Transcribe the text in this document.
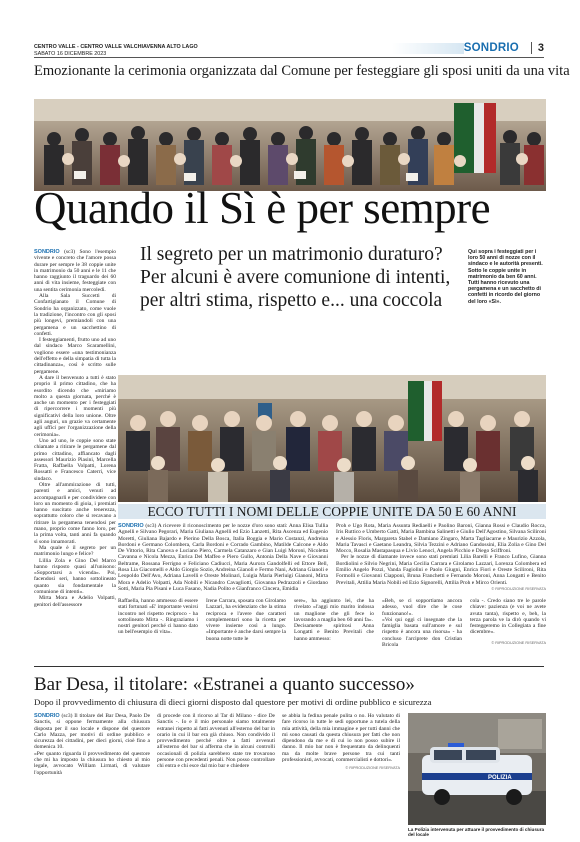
CENTRO VALLE - CENTRO VALLE VALCHIAVENNA ALTO LAGO
SABATO 16 DICEMBRE 2023	SONDRIO	3
Emozionante la cerimonia organizzata dal Comune per festeggiare gli sposi uniti da una vita
Quando il Sì è per sempre

SONDRIO (sc3) Sono l'esempio vivente e concreto che l'amore possa durare per sempre le 38 coppie unite in matrimonio da 50 anni e le 11 che hanno raggiunto il traguardo dei 60 anni di vita insieme, festeggiate con una sentita cerimonia mercoledì.

Alla Sala Succetti di Confartigianato il Comune di Sondrio ha organizzato, come vuole la tradizione, l'incontro con gli sposi più longevi, premiandoli con una pergamena e un sacchettino di confetti.

I festeggiamenti, frutto uno ad uno dal sindaco Marco Scaramellini, vogliono essere «una testimonianza dell'effetto e della simpatia di tutta la cittadinanza», così è scritto sulle pergamene.

A dare il benvenuto a tutti è stato proprio il primo cittadino, che ha esordito dicendo che «miriamo molto a questa giornata, perché è anche un momento per i festeggiati di ripercorrere i momenti più significativi della loro unione. Oltre agli auguri, un grazie va certamente agli uffici per l'organizzazione della cerimonia».

Uno ad uno, le coppie sono state chiamate a ritirare le pergamene dal primo cittadino, affiancato dagli assessori Maurizio Piasini, Marcella Fratta, Raffaella Volpatti, Lorena Rossatti e Francesco Caterri, vice sindaco.

Oltre all'ammirazione di tutti, parenti e amici, venuti ad accompagnarli e per condividere con loro un momento di gioia, i premiati hanno suscitato anche tenerezza, soprattutto coloro che si recavano a ritirare la pergamena tenendosi per mano, proprio come fanno loro, per la prima volta, tanti anni fa quando si sono innamorati.

Ma quale è il segreto per un matrimonio lungo e felice?

Lillia Zola e Gino Del Marco hanno risposto quasi all'unisono: «Sopportarsi a vicenda». Poi, facendosi seri, hanno sottolineato quanto sia fondamentale la comunione di intenti».

Mirta Mora e Adelio Volpatti, genitori dell'assessore

Il segreto per un matrimonio duraturo? Per alcuni è avere comunione di intenti, per altri stima, rispetto e... una coccola
Qui sopra i festeggiati per i loro 50 anni di nozze con il sindaco e le autorità presenti. Sotto le coppie unite in matrimonio da ben 60 anni. Tutti hanno ricevuto una pergamena e un sacchetto di confetti in ricordo del giorno del loro «Sì».
ECCO TUTTI I NOMI DELLE COPPIE UNITE DA 50 E 60 ANNI
SONDRIO (sc3) A ricevere il riconoscimento per le nozze d'oro sono stati: Anna Elisa Tullia Agnelli e Silvano Pegorari, Maria Giuliana Agnelli ed Ezio Lanzetti, Rita Ascenza ed Eugenio Moretti, Giuliana Bajardo e Pierino Della Bosca, Italia Boggia e Mario Costanzi, Andreina Bordoni e Germano Colombera, Carla Bordoni e Corrado Gambino, Matilde Calcone e Aldo De Vittorio, Rita Canova e Luciano Piero, Carmela Catanzaro e Gian Luigi Moroni, Nicoletta Cavanna e Nicola Mezza, Enrica Del Maffeo e Piero Gullo, Antonia Della Nave e Giovanni Beltrame, Rossana Ferrigno e Feliciano Cadiucci, Maria Aurora Gandolfelli ed Ettore Bell, Rosa Lia Giacomelli e Aldo Giorgio Sozio, Andreina Gianoli e Fermo Nani, Adriana Gianoli e Leopoldo Dell'Avo, Adriana Lavelli e Oreste Molinari, Luigia Maria Pierluigi Gianoni, Mirta Mora e Adelio Volpatti, Ada Nobili e Nicandro Cavagliotti, Giovanna Pedrazzoli e Giordano Sotti, Maria Pia Pisani e Luca Fasano, Nadia Polito e Gianfranco Cincera, Emidia
Proh e Ugo Rota, Maria Assunta Rediaelli e Paolino Baroni, Gianna Rossi e Claudio Rocca, Iris Ruttico e Umberto Gatti, Maria Bambina Salinetti e Giulio Dell'Agostino, Silvana Scilironi e Alessio Floris, Margareta Stabel e Damiano Zingaro, Marta Tagliacarne e Maurizio Azzola, Maria Tavasci e Gaetano Leandra, Silvia Tezzini e Adriano Gandossini, Elia Zolia e Gino Del Mocco, Rosalia Mastapasqua e Livio Lenoci, Angela Picchio e Diego Sciffroni.
Per le nozze di diamante invece sono stati premiati Lilia Barelli e Franco Lufino, Gianna Bordiolini e Silvio Negrini, Maria Cecilia Carrara e Girolamo Lazzari, Lorenza Colombera ed Emilio Angelo Pozzi, Vanda Fagiolini e Paolo Giugni, Enrica Fiori e Oreste Scilironi, Rita Formolli e Giovanni Ciapponi, Bruna Franchetti e Fernando Moroni, Anna Longatti e Benito Previtali, Attilia Maria Nobili ed Ezio Signorelli, Attilia Proh e Mirco Orienti.
© RIPRODUZIONE RISERVATA
Raffaella, hanno ammesso di essere stati fortunati «E' importante venirsi incontro nel rispetto reciproco - ha sottolineato Mirta -. Ringraziamo i nostri genitori perché ci hanno dato un bell'esempio di vita».
Irene Carrara, sposata con Girolamo Lazzari, ha evidenziato che la stima reciproca e l'avere due caratteri complementari sono la ricetta per vivere insieme così a lungo. «Importante è anche darsi sempre la buona notte tutte le
sere», ha aggiunto lei, che ha rivelato «l'aggi mio marito indossa un maglione che gli fece io lavorando a maglia ben 60 anni fa».
Decisamente spiritosi Anna Longatti e Benito Previtali che hanno ammesso:
«Beh, se ci sopportiamo ancora adesso, vuol dire che le cose funzionano!».
«Voi qui oggi ci insegnate che la famiglia basata sull'amore e sul rispetto è ancora una risorsa» - ha concluso l'arciprete don Cristian Bricola
cola -. Credo siano tre le parole chiave: pazienza (e voi ne avete avuta tanta), rispetto e, beh, la terza parola ve la dirò quando vi festeggeremo in Collegiata a fine dicembre».
© RIPRODUZIONE RISERVATA
Bar Desa, il titolare: «Estranei a quanto successo»
Dopo il provvedimento di chiusura di dieci giorni disposto dal questore per motivi di ordine pubblico e sicurezza
SONDRIO (sc3) Il titolare del Bar Desa, Paolo De Sanctis, si oppone fermamente alla chiusura disposta per il suo locale e dispone del questore Carlo Mazza, per motivi di ordine pubblico e sicurezza dei cittadini, per dieci giorni, cioè fino a domenica 10.
«Per quanto riguarda il provvedimento del questore che mi ha imposto la chiusura ho chiesto al mio legale, avvocato William Lirmati, di valutare l'opportunità
di procede con il ricorso al Tar di Milano - dice De Sanctis -. Io e il mio personale siamo totalmente estranei rispetto ai fatti avvenuti all'esterno del bar in orario in cui il bar era già chiuso. Non condivido il provvedimento perché oltre a fatti avvenuti all'esterno del bar si afferma che in alcuni controlli occasionali di polizia sarebbero state tre trovarono persone con precedenti penali. Non posso controllare chi entra e chi esce dal mio bar e chiedere
se abbia la fedina penale pulita o no. Ho valutato di fare ricorso in tutte le sedi opportune a tutela della mia attività, della mia immagine e per tutti danni che mi sono causati da questa chiusura per fatti che non dipendono da me e di cui io non posso subire il danno. Il mio bar non è frequentato da delinquenti ma da molte brave persone tra cui tanti professionisti, avvocati, commercialisti e dottori».
© RIPRODUZIONE RISERVATA
POLIZIA
La Polizia intervenuta per attuare il provvedimento di chiusura del locale
